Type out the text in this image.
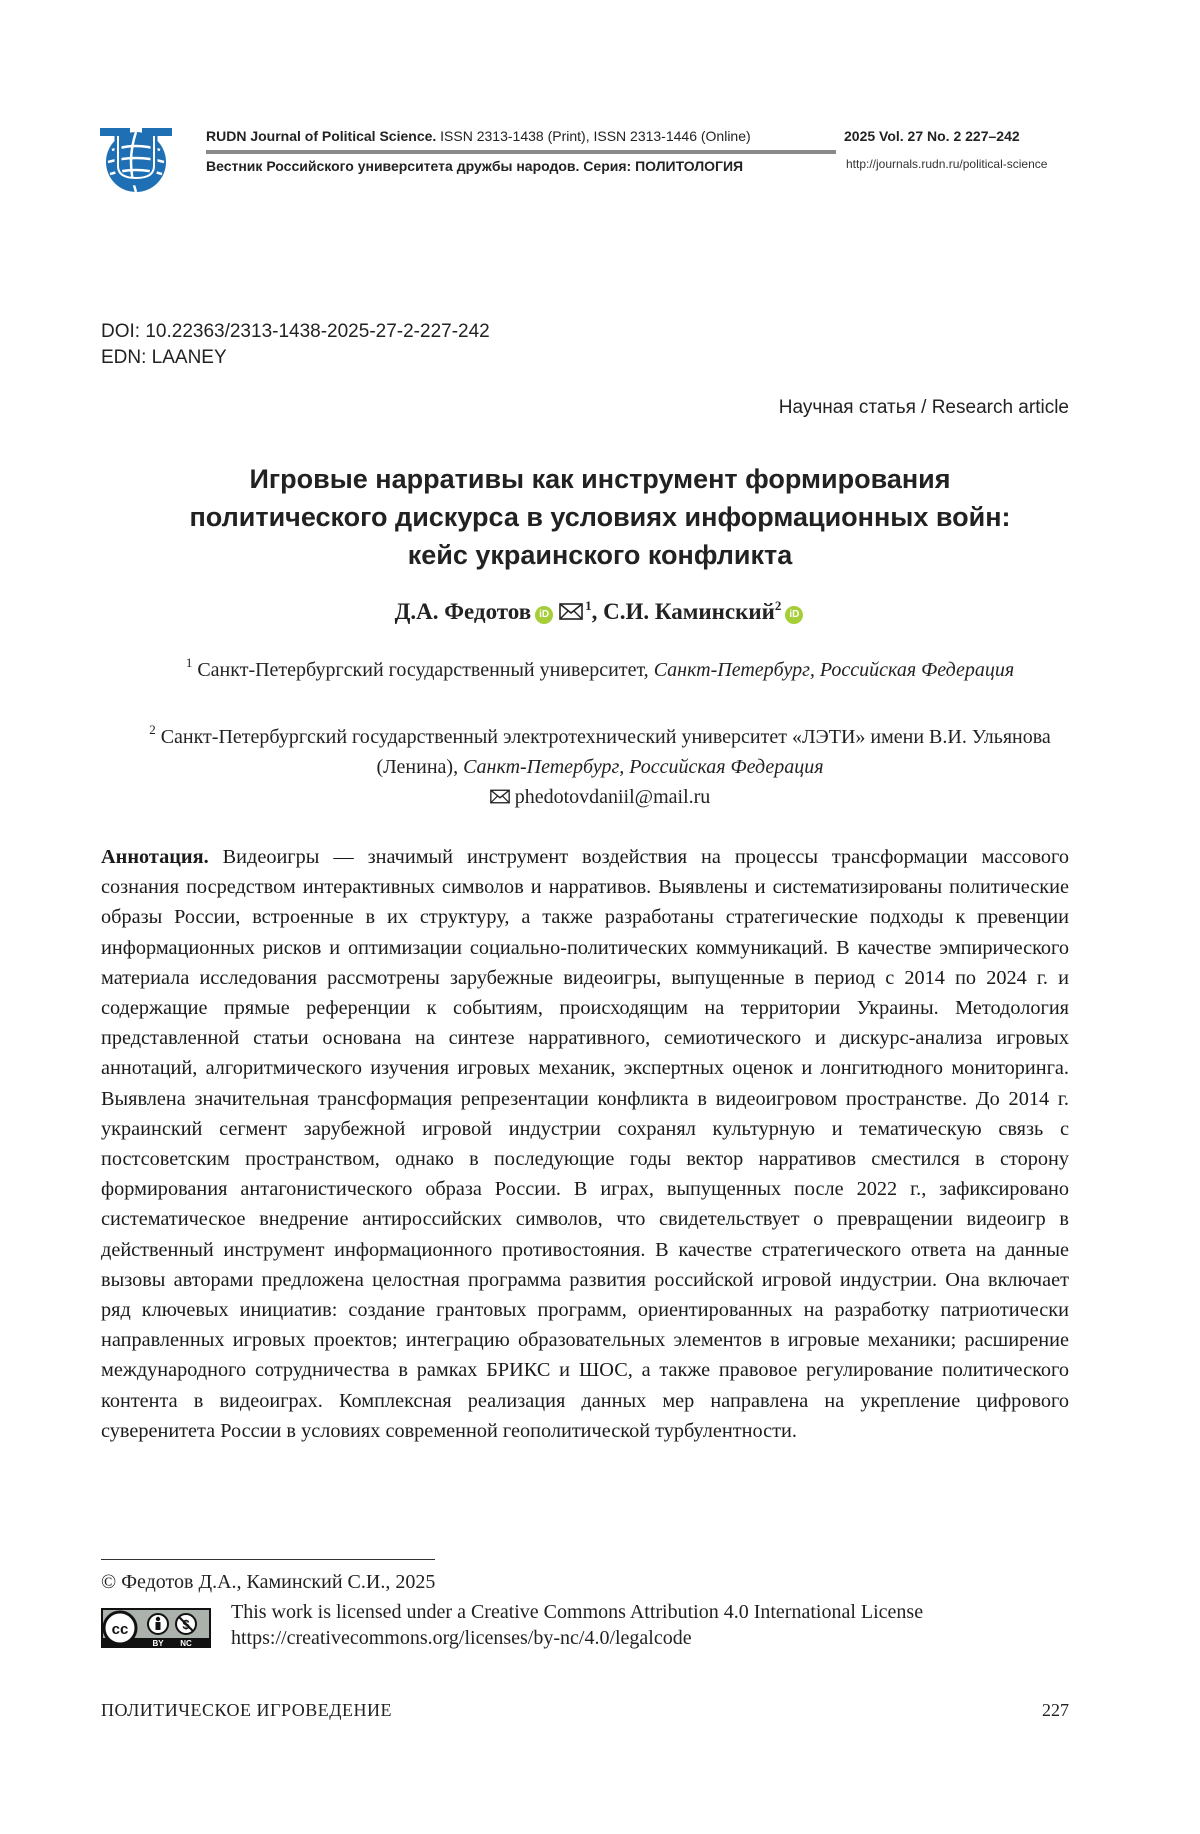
RUDN Journal of Political Science. ISSN 2313-1438 (Print), ISSN 2313-1446 (Online)
Вестник Российского университета дружбы народов. Серия: ПОЛИТОЛОГИЯ
2025 Vol. 27 No. 2 227–242
http://journals.rudn.ru/political-science
DOI: 10.22363/2313-1438-2025-27-2-227-242
EDN: LAANEY
Научная статья / Research article
Игровые нарративы как инструмент формирования
политического дискурса в условиях информационных войн:
кейс украинского конфликта
Д.А. Федотов iD1, С.И. Каминский2iD
1 Санкт-Петербургский государственный университет, Санкт-Петербург, Российская Федерация
2 Санкт-Петербургский государственный электротехнический университет «ЛЭТИ» имени В.И. Ульянова (Ленина), Санкт-Петербург, Российская Федерация
phedotovdaniil@mail.ru
Аннотация. Видеоигры — значимый инструмент воздействия на процессы трансформации массового сознания посредством интерактивных символов и нарративов. Выявлены и систематизированы политические образы России, встроенные в их структуру, а также разработаны стратегические подходы к превенции информационных рисков и оптимизации социально-политических коммуникаций. В качестве эмпирического материала исследования рассмотрены зарубежные видеоигры, выпущенные в период с 2014 по 2024 г. и содержащие прямые референции к событиям, происходящим на территории Украины. Методология представленной статьи основана на синтезе нарративного, семиотического и дискурс-анализа игровых аннотаций, алгоритмического изучения игровых механик, экспертных оценок и лонгитюдного мониторинга. Выявлена значительная трансформация репрезентации конфликта в видеоигровом пространстве. До 2014 г. украинский сегмент зарубежной игровой индустрии сохранял культурную и тематическую связь с постсоветским пространством, однако в последующие годы вектор нарративов сместился в сторону формирования антагонистического образа России. В играх, выпущенных после 2022 г., зафиксировано систематическое внедрение антироссийских символов, что свидетельствует о превращении видеоигр в действенный инструмент информационного противостояния. В качестве стратегического ответа на данные вызовы авторами предложена целостная программа развития российской игровой индустрии. Она включает ряд ключевых инициатив: создание грантовых программ, ориентированных на разработку патриотически направленных игровых проектов; интеграцию образовательных элементов в игровые механики; расширение международного сотрудничества в рамках БРИКС и ШОС, а также правовое регулирование политического контента в видеоиграх. Комплексная реализация данных мер направлена на укрепление цифрового суверенитета России в условиях современной геополитической турбулентности.
© Федотов Д.А., Каминский С.И., 2025
cc
BY NC
This work is licensed under a Creative Commons Attribution 4.0 International License
https://creativecommons.org/licenses/by-nc/4.0/legalcode
ПОЛИТИЧЕСКОЕ ИГРОВЕДЕНИЕ	227
